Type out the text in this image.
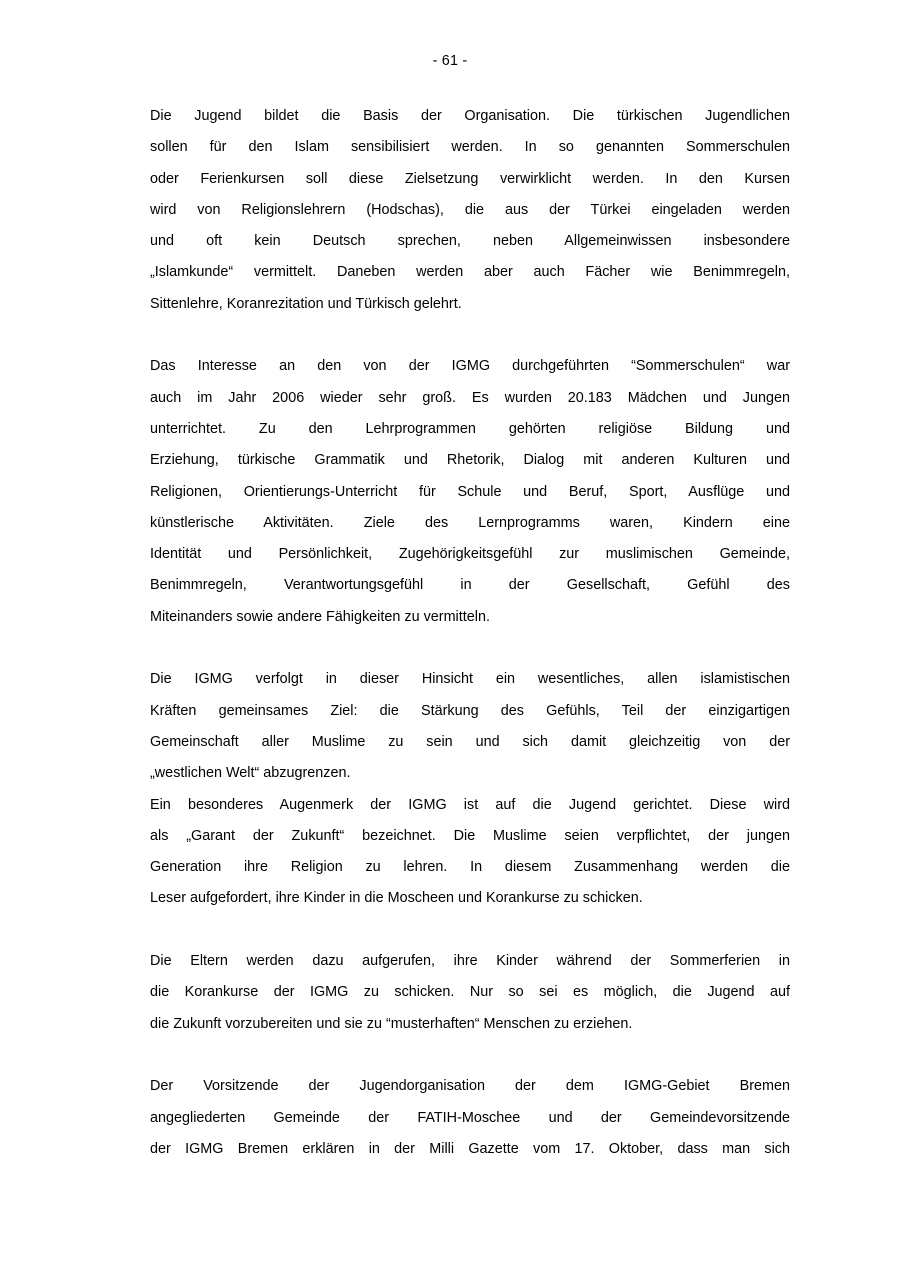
- 61 -
Die Jugend bildet die Basis der Organisation. Die türkischen Jugendlichen
sollen für den Islam sensibilisiert werden. In so genannten Sommerschulen
oder Ferienkursen soll diese Zielsetzung verwirklicht werden. In den Kursen
wird von Religionslehrern (Hodschas), die aus der Türkei eingeladen werden
und oft kein Deutsch sprechen, neben Allgemeinwissen insbesondere
„Islamkunde“ vermittelt. Daneben werden aber auch Fächer wie Benimmregeln,
Sittenlehre, Koranrezitation und Türkisch gelehrt.
Das Interesse an den von der IGMG durchgeführten “Sommerschulen“ war
auch im Jahr 2006 wieder sehr groß. Es wurden 20.183 Mädchen und Jungen
unterrichtet. Zu den Lehrprogrammen gehörten religiöse Bildung und
Erziehung, türkische Grammatik und Rhetorik, Dialog mit anderen Kulturen und
Religionen, Orientierungs-Unterricht für Schule und Beruf, Sport, Ausflüge und
künstlerische Aktivitäten. Ziele des Lernprogramms waren, Kindern eine
Identität und Persönlichkeit, Zugehörigkeitsgefühl zur muslimischen Gemeinde,
Benimmregeln, Verantwortungsgefühl in der Gesellschaft, Gefühl des
Miteinanders sowie andere Fähigkeiten zu vermitteln.
Die IGMG verfolgt in dieser Hinsicht ein wesentliches, allen islamistischen
Kräften gemeinsames Ziel: die Stärkung des Gefühls, Teil der einzigartigen
Gemeinschaft aller Muslime zu sein und sich damit gleichzeitig von der
„westlichen Welt“ abzugrenzen.
Ein besonderes Augenmerk der IGMG ist auf die Jugend gerichtet. Diese wird
als „Garant der Zukunft“ bezeichnet. Die Muslime seien verpflichtet, der jungen
Generation ihre Religion zu lehren. In diesem Zusammenhang werden die
Leser aufgefordert, ihre Kinder in die Moscheen und Korankurse zu schicken.
Die Eltern werden dazu aufgerufen, ihre Kinder während der Sommerferien in
die Korankurse der IGMG zu schicken. Nur so sei es möglich, die Jugend auf
die Zukunft vorzubereiten und sie zu “musterhaften“ Menschen zu erziehen.
Der Vorsitzende der Jugendorganisation der dem IGMG-Gebiet Bremen
angegliederten Gemeinde der FATIH-Moschee und der Gemeindevorsitzende
der IGMG Bremen erklären in der Milli Gazette vom 17. Oktober, dass man sich
